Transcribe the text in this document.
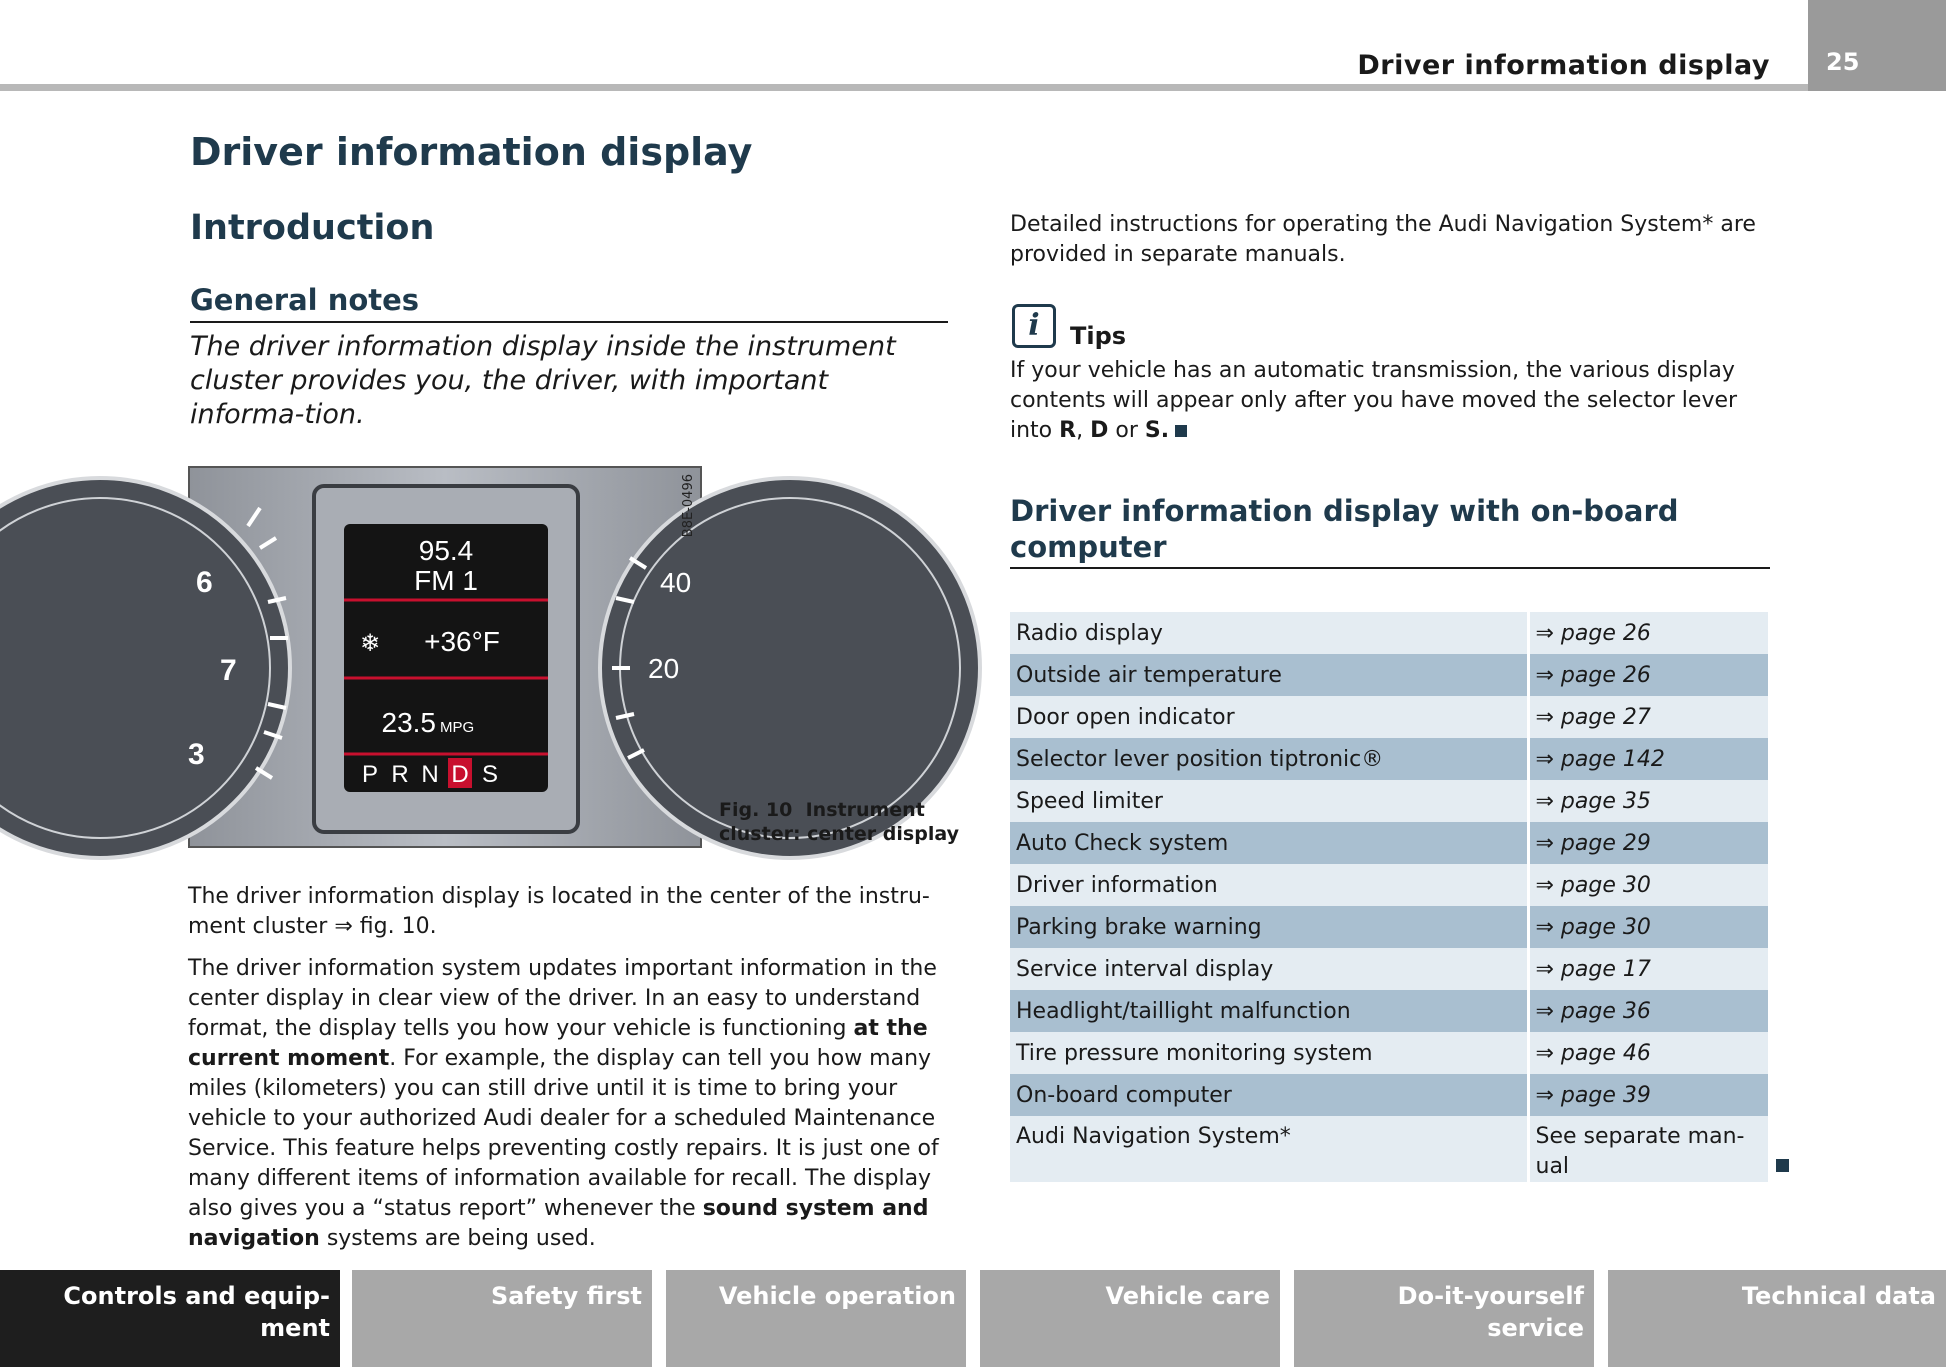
Driver information display 25
Driver information display
Introduction
General notes
The driver information display inside the instrument cluster provides you, the driver, with important informa-tion.
6
7
3
40
20
95.4
FM 1
❄ +36°F
23.5 MPG
P R N D S
B8E-0496
Fig. 10 Instrument cluster: center display
The driver information display is located in the center of the instru-ment cluster ⇒ fig. 10.
The driver information system updates important information in the center display in clear view of the driver. In an easy to understand format, the display tells you how your vehicle is functioning at the current moment. For example, the display can tell you how many miles (kilometers) you can still drive until it is time to bring your vehicle to your authorized Audi dealer for a scheduled Maintenance Service. This feature helps preventing costly repairs. It is just one of many different items of information available for recall. The display also gives you a “status report” whenever the sound system and navigation systems are being used.
Detailed instructions for operating the Audi Navigation System* are provided in separate manuals.
i	Tips
If your vehicle has an automatic transmission, the various display contents will appear only after you have moved the selector lever into R, D or S.
Driver information display with on-board computer
Radio display	⇒ page 26
Outside air temperature	⇒ page 26
Door open indicator	⇒ page 27
Selector lever position tiptronic®	⇒ page 142
Speed limiter	⇒ page 35
Auto Check system	⇒ page 29
Driver information	⇒ page 30
Parking brake warning	⇒ page 30
Service interval display	⇒ page 17
Headlight/taillight malfunction	⇒ page 36
Tire pressure monitoring system	⇒ page 46
On-board computer	⇒ page 39
Audi Navigation System*	See separate man-ual
Controls and equip-ment
Safety first	Vehicle operation	Vehicle care	Do-it-yourself service
Technical data
